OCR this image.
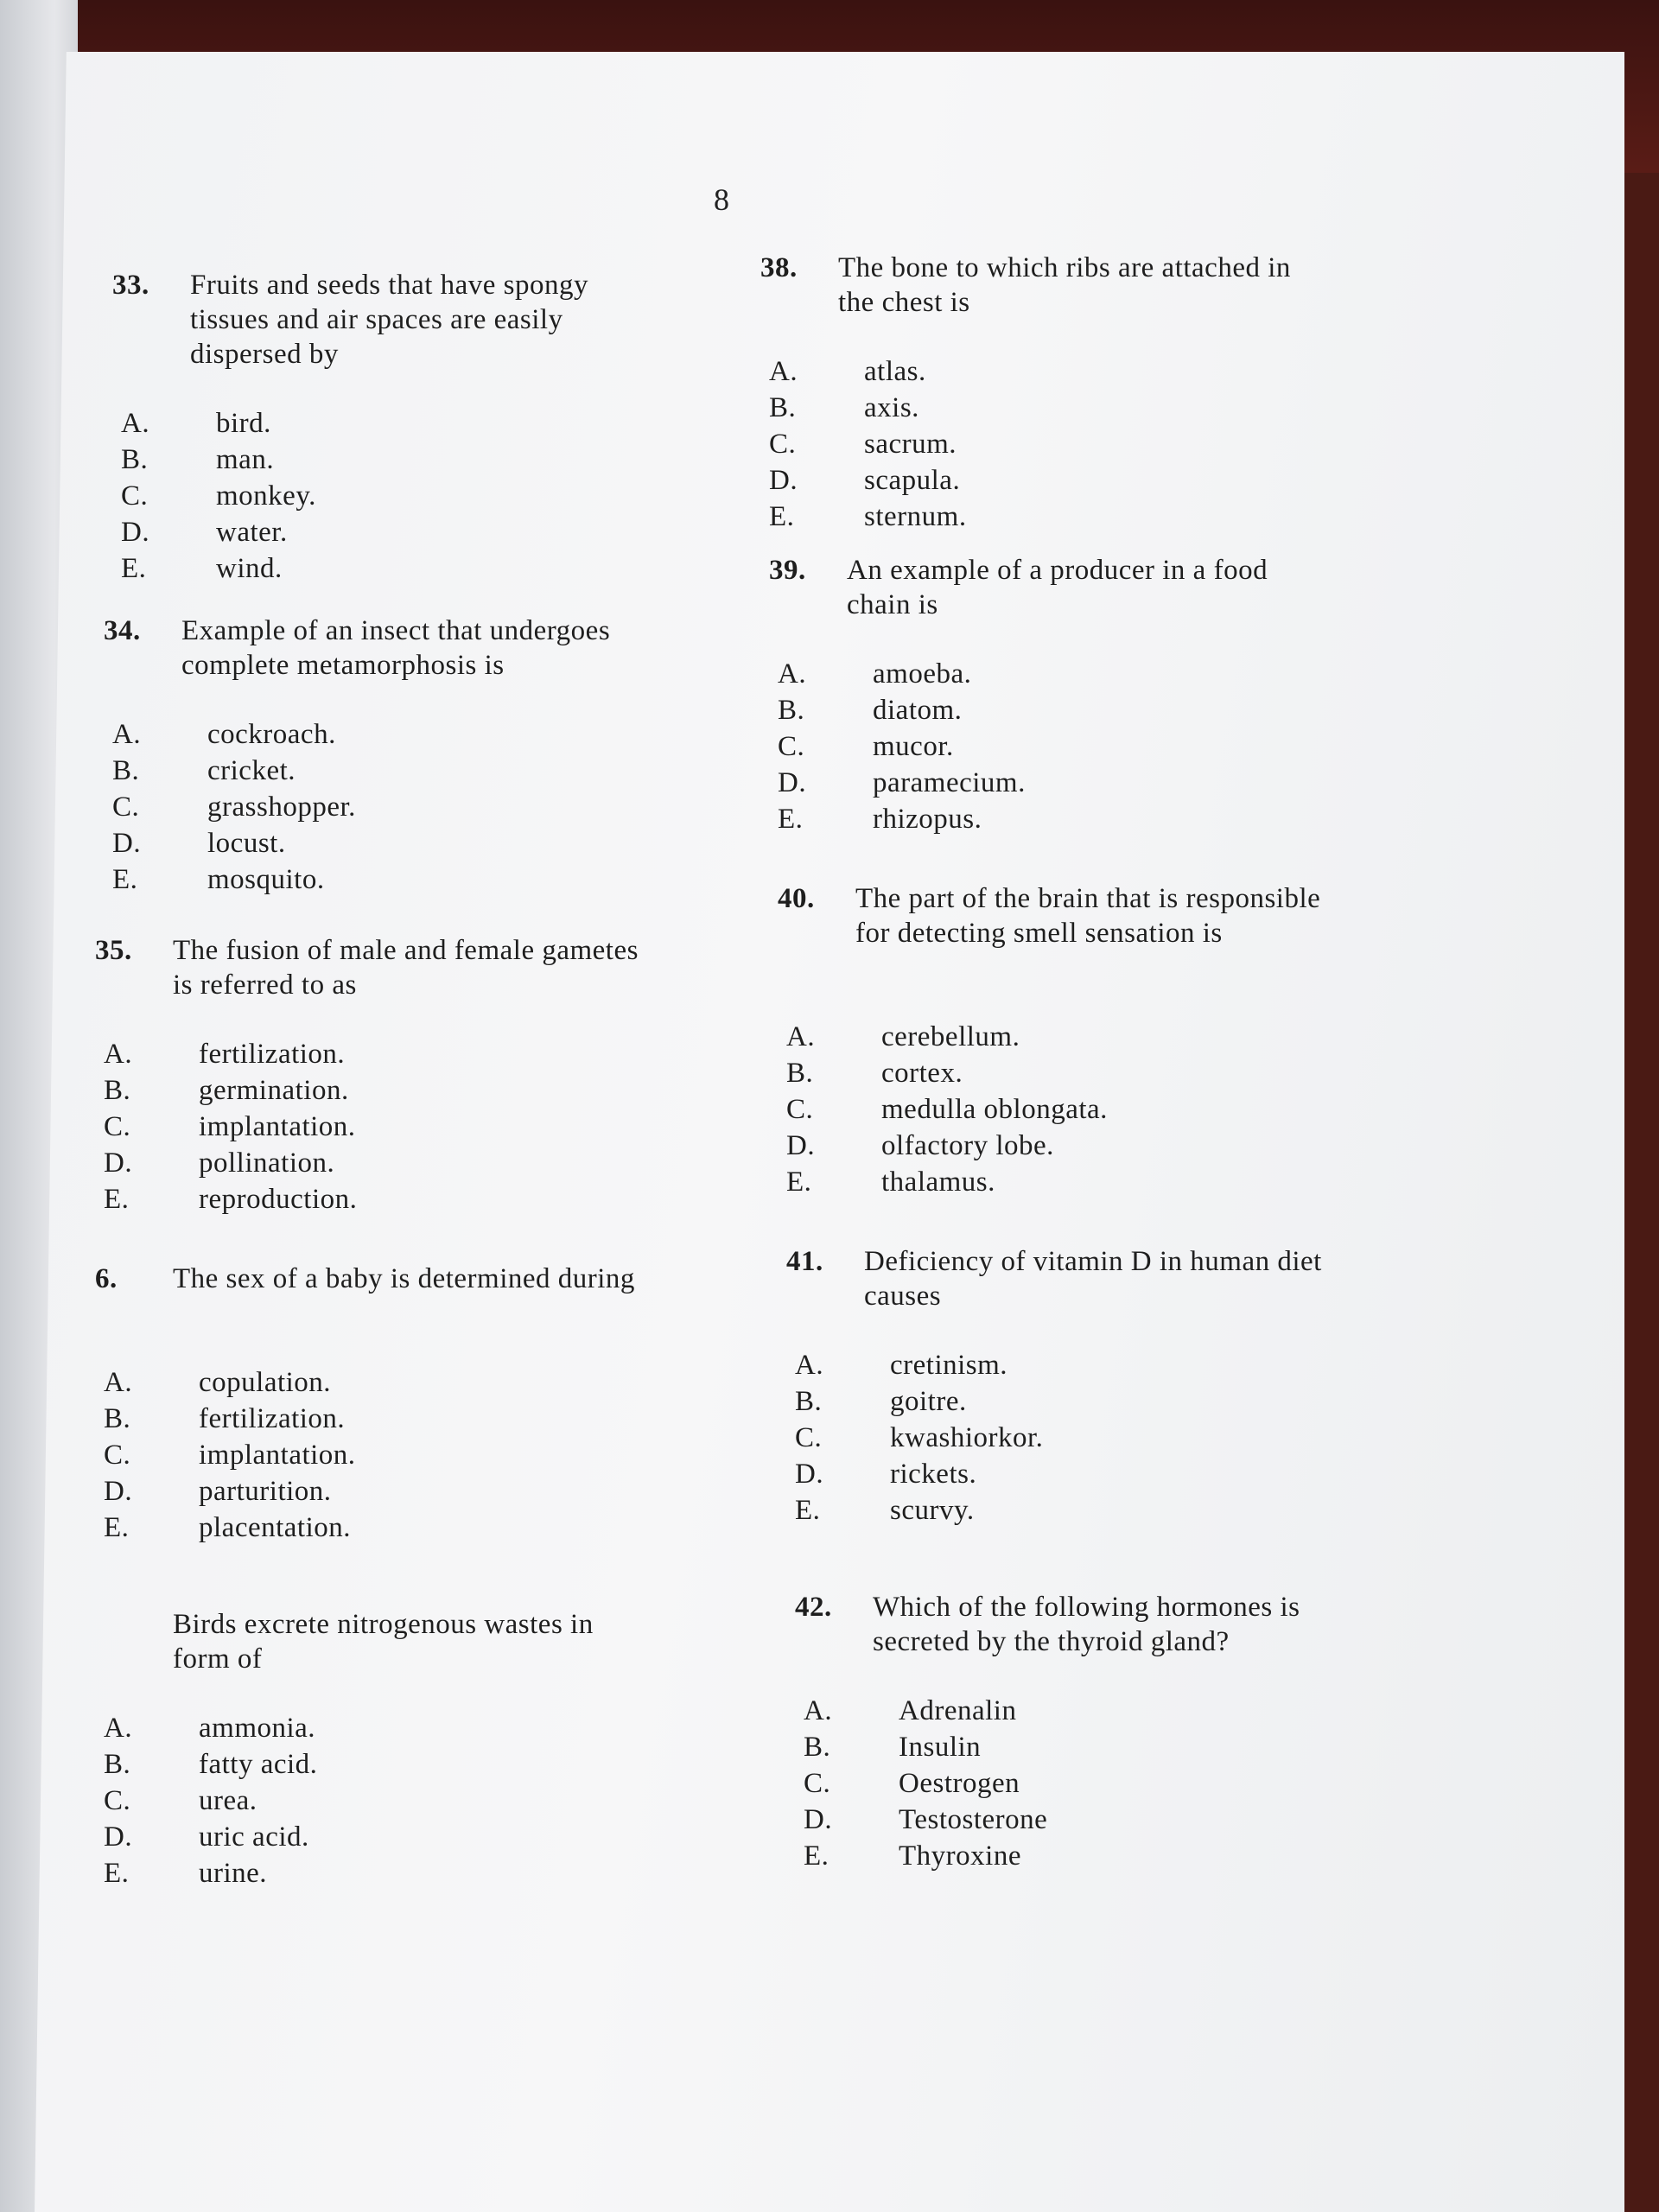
8
33. Fruits and seeds that have spongy tissues and air spaces are easily dispersed by
A. bird.
B. man.
C. monkey.
D. water.
E. wind.
34. Example of an insect that undergoes complete metamorphosis is
A. cockroach.
B. cricket.
C. grasshopper.
D. locust.
E. mosquito.
35. The fusion of male and female gametes is referred to as
A. fertilization.
B. germination.
C. implantation.
D. pollination.
E. reproduction.
6. The sex of a baby is determined during
A. copulation.
B. fertilization.
C. implantation.
D. parturition.
E. placentation.
Birds excrete nitrogenous wastes in form of
A. ammonia.
B. fatty acid.
C. urea.
D. uric acid.
E. urine.
38. The bone to which ribs are attached in the chest is
A. atlas.
B. axis.
C. sacrum.
D. scapula.
E. sternum.
39. An example of a producer in a food chain is
A. amoeba.
B. diatom.
C. mucor.
D. paramecium.
E. rhizopus.
40. The part of the brain that is responsible for detecting smell sensation is
A. cerebellum.
B. cortex.
C. medulla oblongata.
D. olfactory lobe.
E. thalamus.
41. Deficiency of vitamin D in human diet causes
A. cretinism.
B. goitre.
C. kwashiorkor.
D. rickets.
E. scurvy.
42. Which of the following hormones is secreted by the thyroid gland?
A. Adrenalin
B. Insulin
C. Oestrogen
D. Testosterone
E. Thyroxine
